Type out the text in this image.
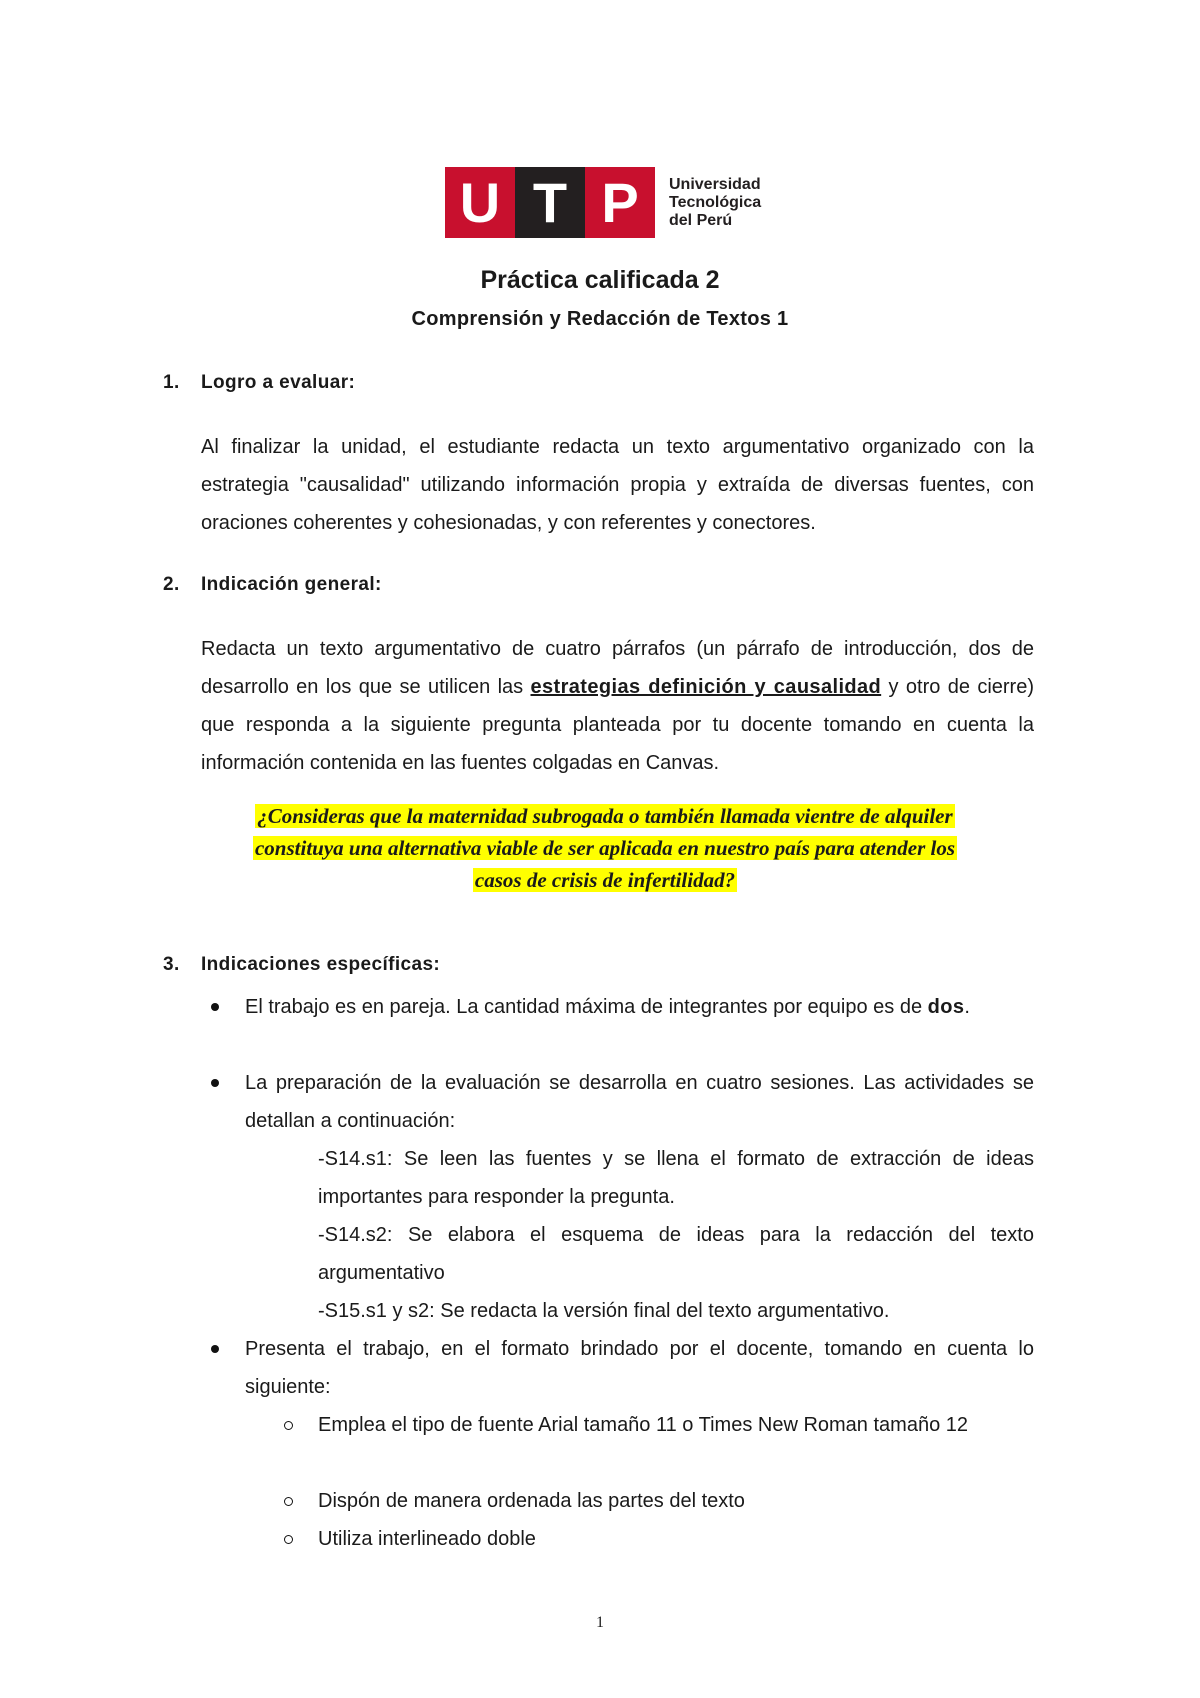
U T P	Universidad
Tecnológica
del Perú
Práctica calificada 2
Comprensión y Redacción de Textos 1
1. Logro a evaluar:
Al finalizar la unidad, el estudiante redacta un texto argumentativo organizado con la estrategia "causalidad" utilizando información propia y extraída de diversas fuentes, con oraciones coherentes y cohesionadas, y con referentes y conectores.
2. Indicación general:
Redacta un texto argumentativo de cuatro párrafos (un párrafo de introducción, dos de desarrollo en los que se utilicen las estrategias definición y causalidad y otro de cierre) que responda a la siguiente pregunta planteada por tu docente tomando en cuenta la información contenida en las fuentes colgadas en Canvas.
¿Consideras que la maternidad subrogada o también llamada vientre de alquiler
constituya una alternativa viable de ser aplicada en nuestro país para atender los
casos de crisis de infertilidad?
3. Indicaciones específicas:
El trabajo es en pareja. La cantidad máxima de integrantes por equipo es de dos.
La preparación de la evaluación se desarrolla en cuatro sesiones. Las actividades se detallan a continuación:
-S14.s1: Se leen las fuentes y se llena el formato de extracción de ideas importantes para responder la pregunta.
-S14.s2: Se elabora el esquema de ideas para la redacción del texto argumentativo
-S15.s1 y s2: Se redacta la versión final del texto argumentativo.
Presenta el trabajo, en el formato brindado por el docente, tomando en cuenta lo siguiente:
Emplea el tipo de fuente Arial tamaño 11 o Times New Roman tamaño 12
Dispón de manera ordenada las partes del texto
Utiliza interlineado doble
1
